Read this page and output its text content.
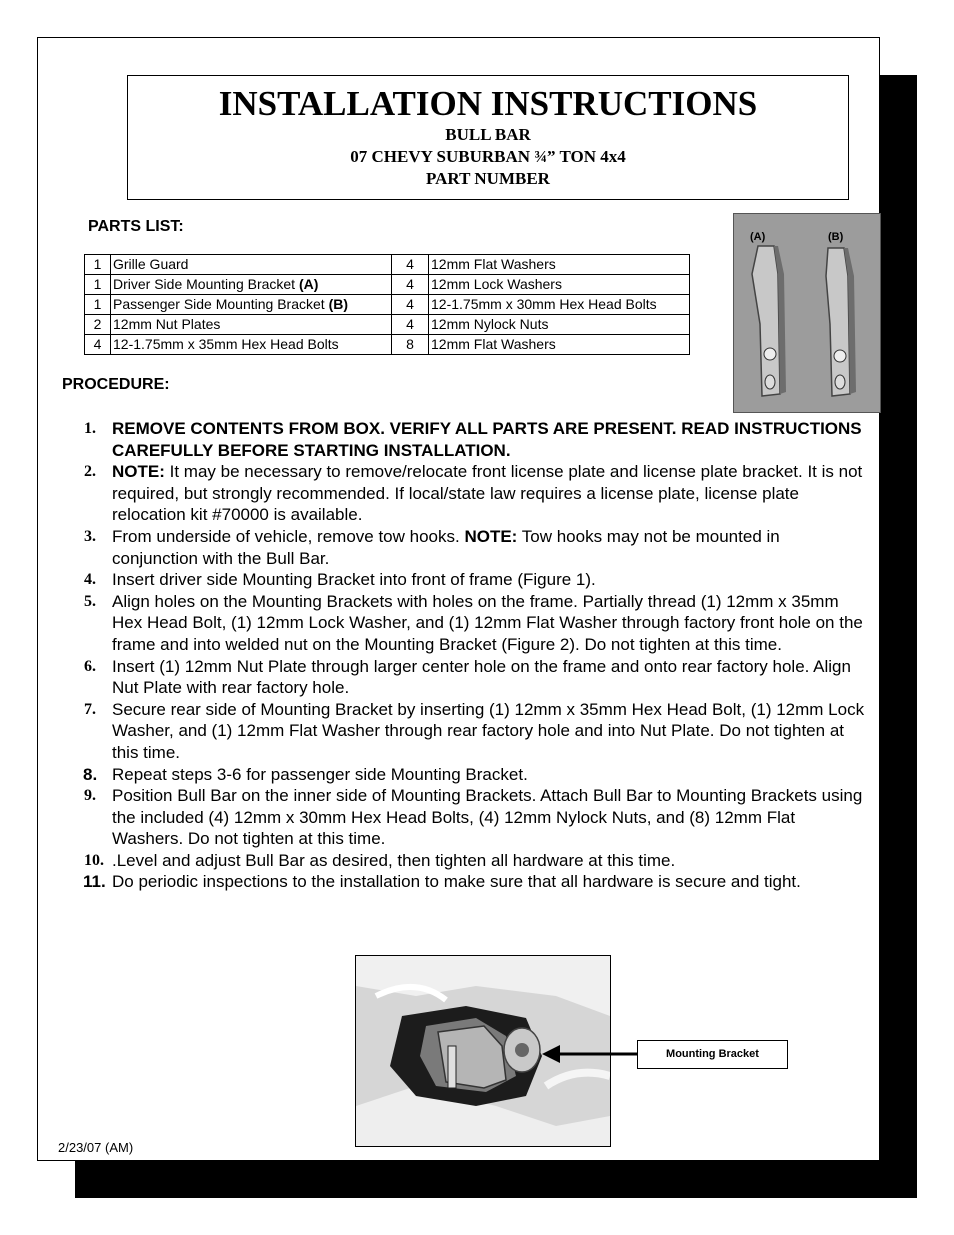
INSTALLATION INSTRUCTIONS
BULL BAR
07 CHEVY SUBURBAN ¾” TON 4x4
PART NUMBER
PARTS LIST:
1	Grille Guard	4	12mm Flat Washers
1	Driver Side Mounting Bracket (A)	4	12mm Lock Washers
1	Passenger Side Mounting Bracket (B)	4	12-1.75mm x 30mm Hex Head Bolts
2	12mm Nut Plates	4	12mm Nylock Nuts
4	12-1.75mm x 35mm Hex Head Bolts	8	12mm Flat Washers
(A)	(B)
PROCEDURE:
1. REMOVE CONTENTS FROM BOX. VERIFY ALL PARTS ARE PRESENT. READ INSTRUCTIONS CAREFULLY BEFORE STARTING INSTALLATION.
2. NOTE: It may be necessary to remove/relocate front license plate and license plate bracket. It is not required, but strongly recommended. If local/state law requires a license plate, license plate relocation kit #70000 is available.
3. From underside of vehicle, remove tow hooks. NOTE: Tow hooks may not be mounted in conjunction with the Bull Bar.
4. Insert driver side Mounting Bracket into front of frame (Figure 1).
5. Align holes on the Mounting Brackets with holes on the frame. Partially thread (1) 12mm x 35mm Hex Head Bolt, (1) 12mm Lock Washer, and (1) 12mm Flat Washer through factory front hole on the frame and into welded nut on the Mounting Bracket (Figure 2). Do not tighten at this time.
6. Insert (1) 12mm Nut Plate through larger center hole on the frame and onto rear factory hole. Align Nut Plate with rear factory hole.
7. Secure rear side of Mounting Bracket by inserting (1) 12mm x 35mm Hex Head Bolt, (1) 12mm Lock Washer, and (1) 12mm Flat Washer through rear factory hole and into Nut Plate. Do not tighten at this time.
8. Repeat steps 3-6 for passenger side Mounting Bracket.
9. Position Bull Bar on the inner side of Mounting Brackets. Attach Bull Bar to Mounting Brackets using the included (4) 12mm x 30mm Hex Head Bolts, (4) 12mm Nylock Nuts, and (8) 12mm Flat Washers. Do not tighten at this time.
10. .Level and adjust Bull Bar as desired, then tighten all hardware at this time.
11. Do periodic inspections to the installation to make sure that all hardware is secure and tight.
Mounting Bracket
2/23/07 (AM)
